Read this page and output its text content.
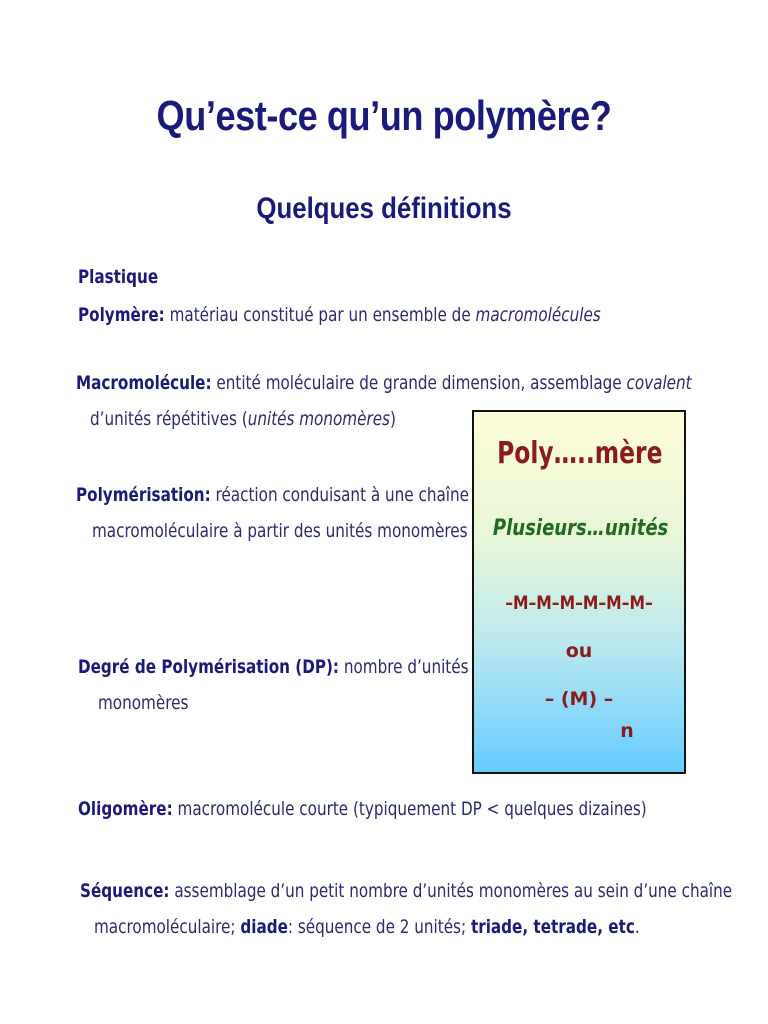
Qu’est-ce qu’un polymère?
Quelques définitions
Plastique
Polymère: matériau constitué par un ensemble de macromolécules
Macromolécule: entité moléculaire de grande dimension, assemblage covalent
d’unités répétitives (unités monomères)
Polymérisation: réaction conduisant à une chaîne
macromoléculaire à partir des unités monomères
Degré de Polymérisation (DP): nombre d’unités
monomères
Oligomère: macromolécule courte (typiquement DP < quelques dizaines)
Séquence: assemblage d’un petit nombre d’unités monomères au sein d’une chaîne
macromoléculaire; diade: séquence de 2 unités; triade, tetrade, etc.
Poly…..mère
Plusieurs…unités
–M–M–M–M–M–M–
ou
– (M) –
n
